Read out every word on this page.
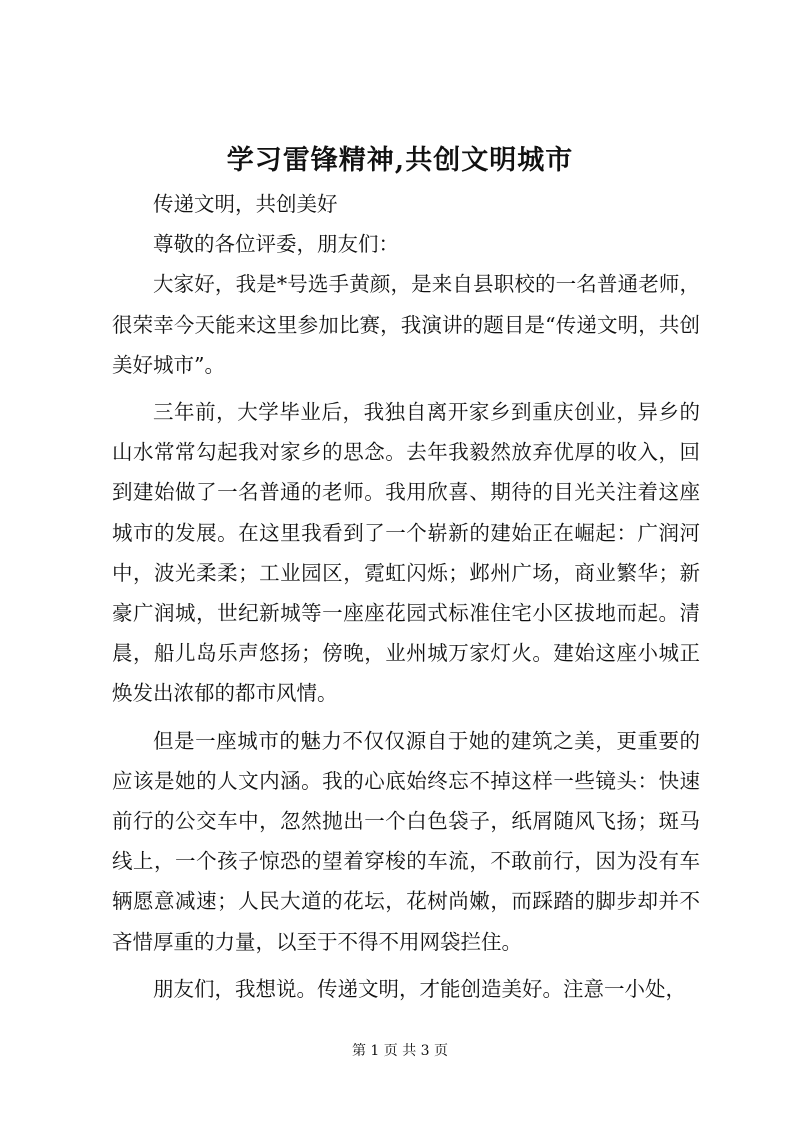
学习雷锋精神,共创文明城市

传递文明，共创美好

尊敬的各位评委，朋友们：

大家好，我是*号选手黄颜，是来自县职校的一名普通老师，很荣幸今天能来这里参加比赛，我演讲的题目是“传递文明，共创美好城市”。

三年前，大学毕业后，我独自离开家乡到重庆创业，异乡的山水常常勾起我对家乡的思念。去年我毅然放弃优厚的收入，回到建始做了一名普通的老师。我用欣喜、期待的目光关注着这座城市的发展。在这里我看到了一个崭新的建始正在崛起：广润河中，波光柔柔；工业园区，霓虹闪烁；邺州广场，商业繁华；新豪广润城，世纪新城等一座座花园式标准住宅小区拔地而起。清晨，船儿岛乐声悠扬；傍晚，业州城万家灯火。建始这座小城正焕发出浓郁的都市风情。

但是一座城市的魅力不仅仅源自于她的建筑之美，更重要的应该是她的人文内涵。我的心底始终忘不掉这样一些镜头：快速前行的公交车中，忽然抛出一个白色袋子，纸屑随风飞扬；斑马线上，一个孩子惊恐的望着穿梭的车流，不敢前行，因为没有车辆愿意减速；人民大道的花坛，花树尚嫩，而踩踏的脚步却并不吝惜厚重的力量，以至于不得不用网袋拦住。

朋友们，我想说。传递文明，才能创造美好。注意一小处，

第 1 页 共 3 页
